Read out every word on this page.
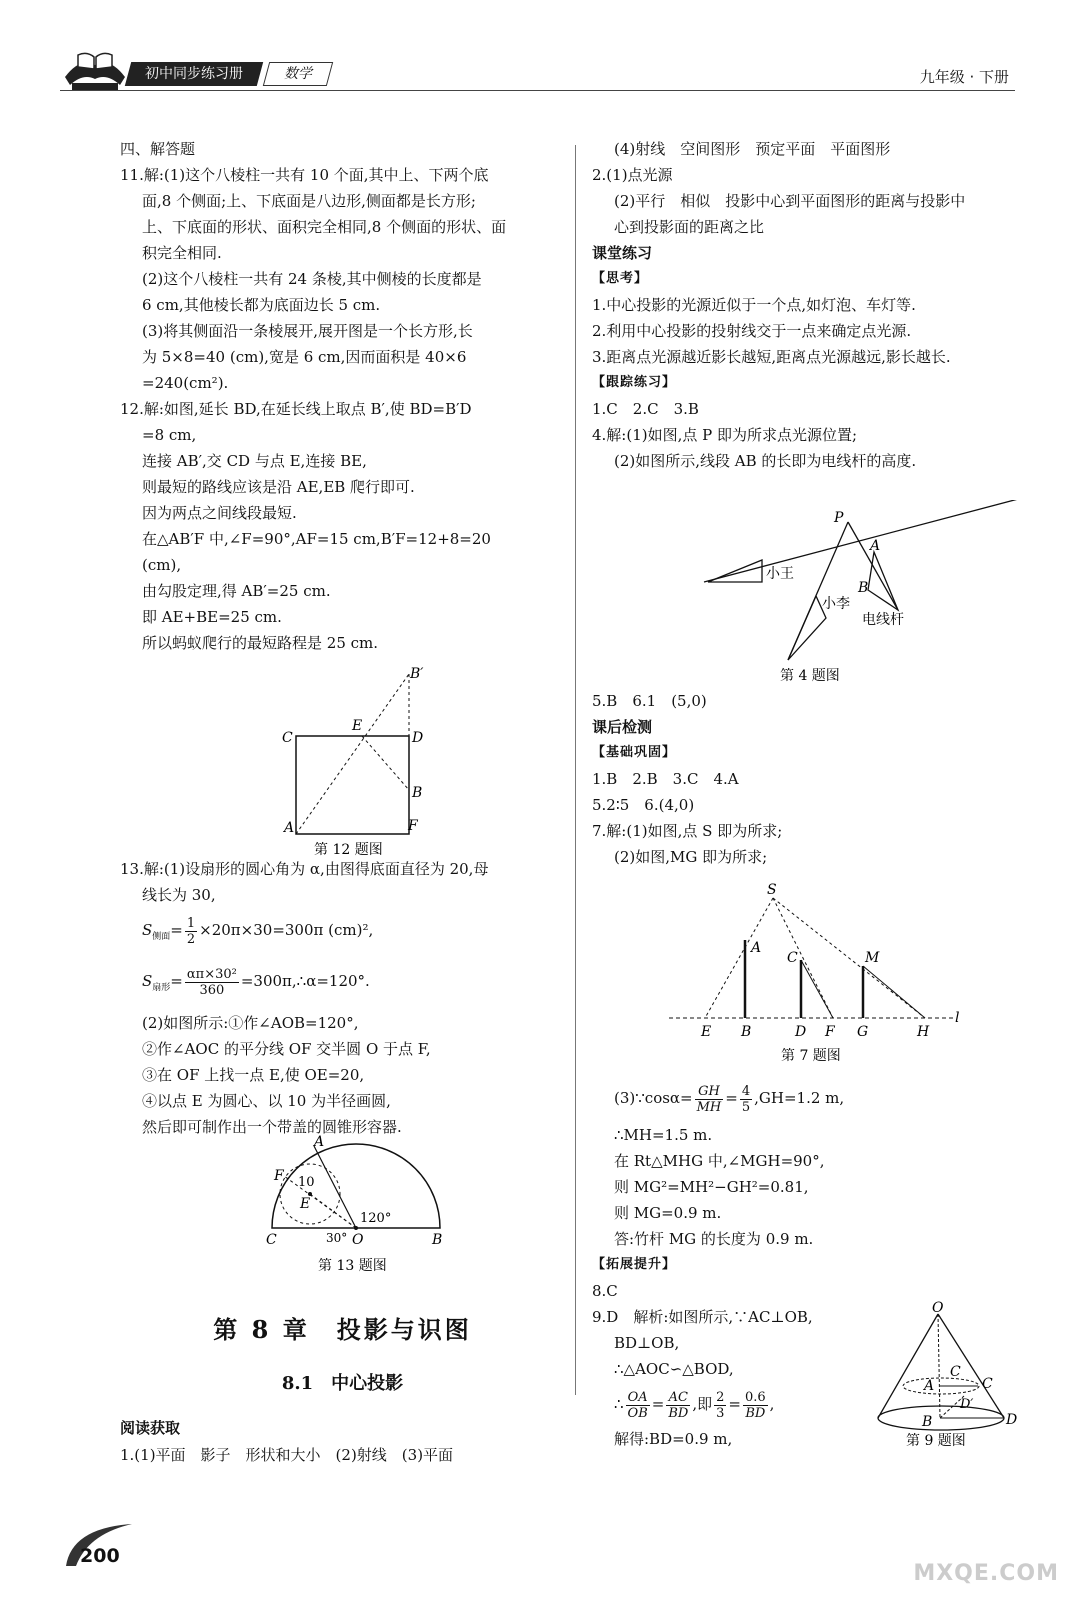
初中同步练习册	数学	九年级 · 下册

四、解答题

11.解:(1)这个八棱柱一共有 10 个面,其中上、下两个底

面,8 个侧面;上、下底面是八边形,侧面都是长方形;

上、下底面的形状、面积完全相同,8 个侧面的形状、面

积完全相同.

(2)这个八棱柱一共有 24 条棱,其中侧棱的长度都是

6 cm,其他棱长都为底面边长 5 cm.

(3)将其侧面沿一条棱展开,展开图是一个长方形,长

为 5×8=40 (cm),宽是 6 cm,因而面积是 40×6

=240(cm²).

12.解:如图,延长 BD,在延长线上取点 B′,使 BD=B′D

=8 cm,

连接 AB′,交 CD 与点 E,连接 BE,

则最短的路线应该是沿 AE,EB 爬行即可.

因为两点之间线段最短.

在△AB′F 中,∠F=90°,AF=15 cm,B′F=12+8=20

(cm),

由勾股定理,得 AB′=25 cm.

即 AE+BE=25 cm.

所以蚂蚁爬行的最短路程是 25 cm.

C
E
D
B′
B
A	F
第 12 题图

13.解:(1)设扇形的圆心角为 α,由图得底面直径为 20,母

线长为 30,

$S_{侧面}= \frac{1}{2} \times 20\pi\times 30=300\pi$ (cm)²,

$S_{扇形}= \frac{\text{απ×30²}}{360}$ =300π,∴α=120°.

(2)如图所示:①作∠AOB=120°,

②作∠AOC 的平分线 OF 交半圆 O 于点 F,

③在 OF 上找一点 E,使 OE=20,

④以点 E 为圆心、以 10 为半径画圆,

然后即可制作出一个带盖的圆锥形容器.

A
F 10
E
120°
30°
C	O	B
第 13 题图
第 8 章　投影与识图
8.1　中心投影
阅读获取
1.(1)平面　影子　形状和大小　(2)射线　(3)平面

(4)射线　空间图形　预定平面　平面图形

2.(1)点光源

(2)平行　相似　投影中心到平面图形的距离与投影中

心到投影面的距离之比

课堂练习

【思考】

1.中心投影的光源近似于一个点,如灯泡、车灯等.

2.利用中心投影的投射线交于一点来确定点光源.

3.距离点光源越近影长越短,距离点光源越远,影长越长.

【跟踪练习】

1.C　2.C　3.B

4.解:(1)如图,点 P 即为所求点光源位置;

(2)如图所示,线段 AB 的长即为电线杆的高度.

P
A
小王
B
小李
电线杆
第 4 题图

5.B　6.1　(5,0)

课后检测

【基础巩固】

1.B　2.B　3.C　4.A

5.2∶5　6.(4,0)

7.解:(1)如图,点 S 即为所求;

(2)如图,MG 即为所求;

S
A
C	M
E B	D F G	H
l
第 7 题图

(3)∵cosα= $\frac{GH}{MH} = \frac{4}{5} ,GH=1.2$ m,

∴MH=1.5 m.

在 Rt△MHG 中,∠MGH=90°,

则 MG²=MH²−GH²=0.81,

则 MG=0.9 m.

答:竹杆 MG 的长度为 0.9 m.

【拓展提升】

8.C

9.D　解析:如图所示,∵AC⊥OB,

BD⊥OB,

∴△AOC∽△BOD,

∴ $\frac{OA}{OB} = \frac{AC}{BD}$ ,即 $\frac{2}{3} = \frac{0.6}{BD}$ ,

解得:BD=0.9 m,

O
C
A	C
D′
B	D
第 9 题图
200
MXQE.COM
